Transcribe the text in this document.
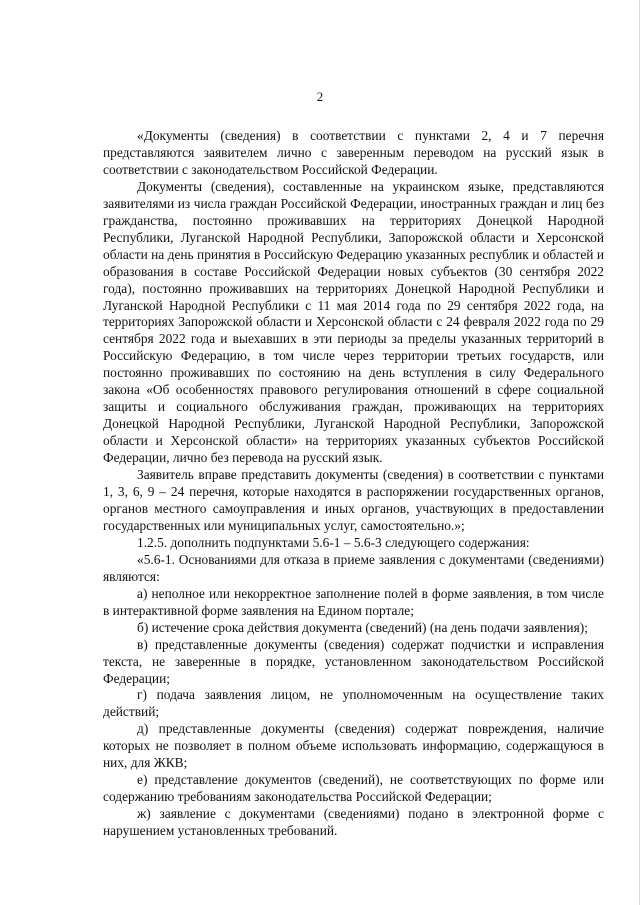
2

«Документы (сведения) в соответствии с пунктами 2, 4 и 7 перечня представляются заявителем лично с заверенным переводом на русский язык в соответствии с законодательством Российской Федерации.

Документы (сведения), составленные на украинском языке, представляются заявителями из числа граждан Российской Федерации, иностранных граждан и лиц без гражданства, постоянно проживавших на территориях Донецкой Народной Республики, Луганской Народной Республики, Запорожской области и Херсонской области на день принятия в Российскую Федерацию указанных республик и областей и образования в составе Российской Федерации новых субъектов (30 сентября 2022 года), постоянно проживавших на территориях Донецкой Народной Республики и Луганской Народной Республики с 11 мая 2014 года по 29 сентября 2022 года, на территориях Запорожской области и Херсонской области с 24 февраля 2022 года по 29 сентября 2022 года и выехавших в эти периоды за пределы указанных территорий в Российскую Федерацию, в том числе через территории третьих государств, или постоянно проживавших по состоянию на день вступления в силу Федерального закона «Об особенностях правового регулирования отношений в сфере социальной защиты и социального обслуживания граждан, проживающих на территориях Донецкой Народной Республики, Луганской Народной Республики, Запорожской области и Херсонской области» на территориях указанных субъектов Российской Федерации, лично без перевода на русский язык.

Заявитель вправе представить документы (сведения) в соответствии с пунктами 1, 3, 6, 9 – 24 перечня, которые находятся в распоряжении государственных органов, органов местного самоуправления и иных органов, участвующих в предоставлении государственных или муниципальных услуг, самостоятельно.»;

1.2.5. дополнить подпунктами 5.6-1 – 5.6-3 следующего содержания:

«5.6-1. Основаниями для отказа в приеме заявления с документами (сведениями) являются:

а) неполное или некорректное заполнение полей в форме заявления, в том числе в интерактивной форме заявления на Едином портале;

б) истечение срока действия документа (сведений) (на день подачи заявления);

в) представленные документы (сведения) содержат подчистки и исправления текста, не заверенные в порядке, установленном законодательством Российской Федерации;

г) подача заявления лицом, не уполномоченным на осуществление таких действий;

д) представленные документы (сведения) содержат повреждения, наличие которых не позволяет в полном объеме использовать информацию, содержащуюся в них, для ЖКВ;

е) представление документов (сведений), не соответствующих по форме или содержанию требованиям законодательства Российской Федерации;

ж) заявление с документами (сведениями) подано в электронной форме с нарушением установленных требований.
